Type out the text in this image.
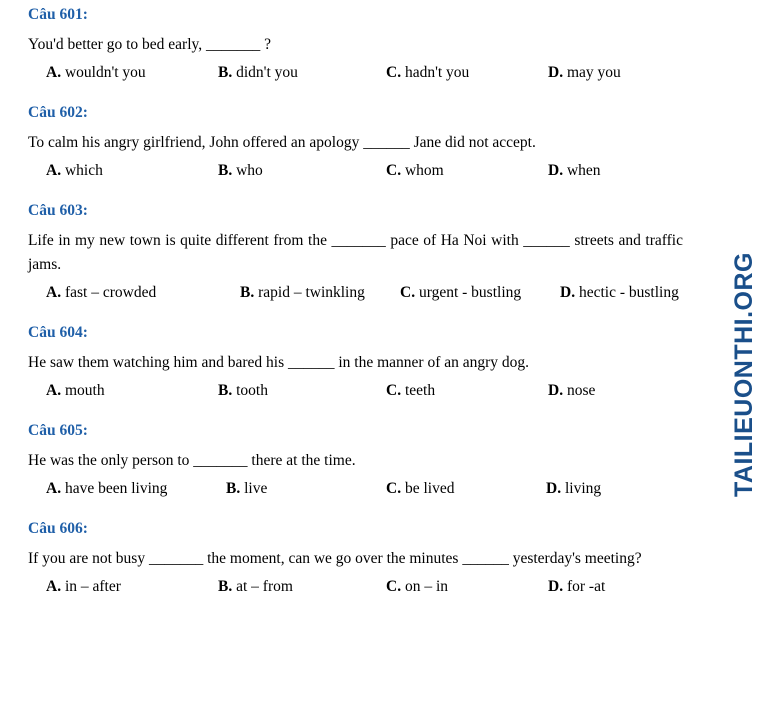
Câu 601:
You'd better go to bed early, _______ ?
A. wouldn't you	B. didn't you	C. hadn't you	D. may you
Câu 602:
To calm his angry girlfriend, John offered an apology ______ Jane did not accept.
A. which	B. who	C. whom	D. when
Câu 603:
Life in my new town is quite different from the _______ pace of Ha Noi with ______ streets and traffic jams.
A. fast – crowded	B. rapid – twinkling	C. urgent - bustling	D. hectic - bustling
Câu 604:
He saw them watching him and bared his ______ in the manner of an angry dog.
A. mouth	B. tooth	C. teeth	D. nose
Câu 605:
He was the only person to _______ there at the time.
A. have been living	B. live	C. be lived	D. living
Câu 606:
If you are not busy _______ the moment, can we go over the minutes ______ yesterday's meeting?
A. in – after	B. at – from	C. on – in	D. for -at
TAILIEUONTHI.ORG
